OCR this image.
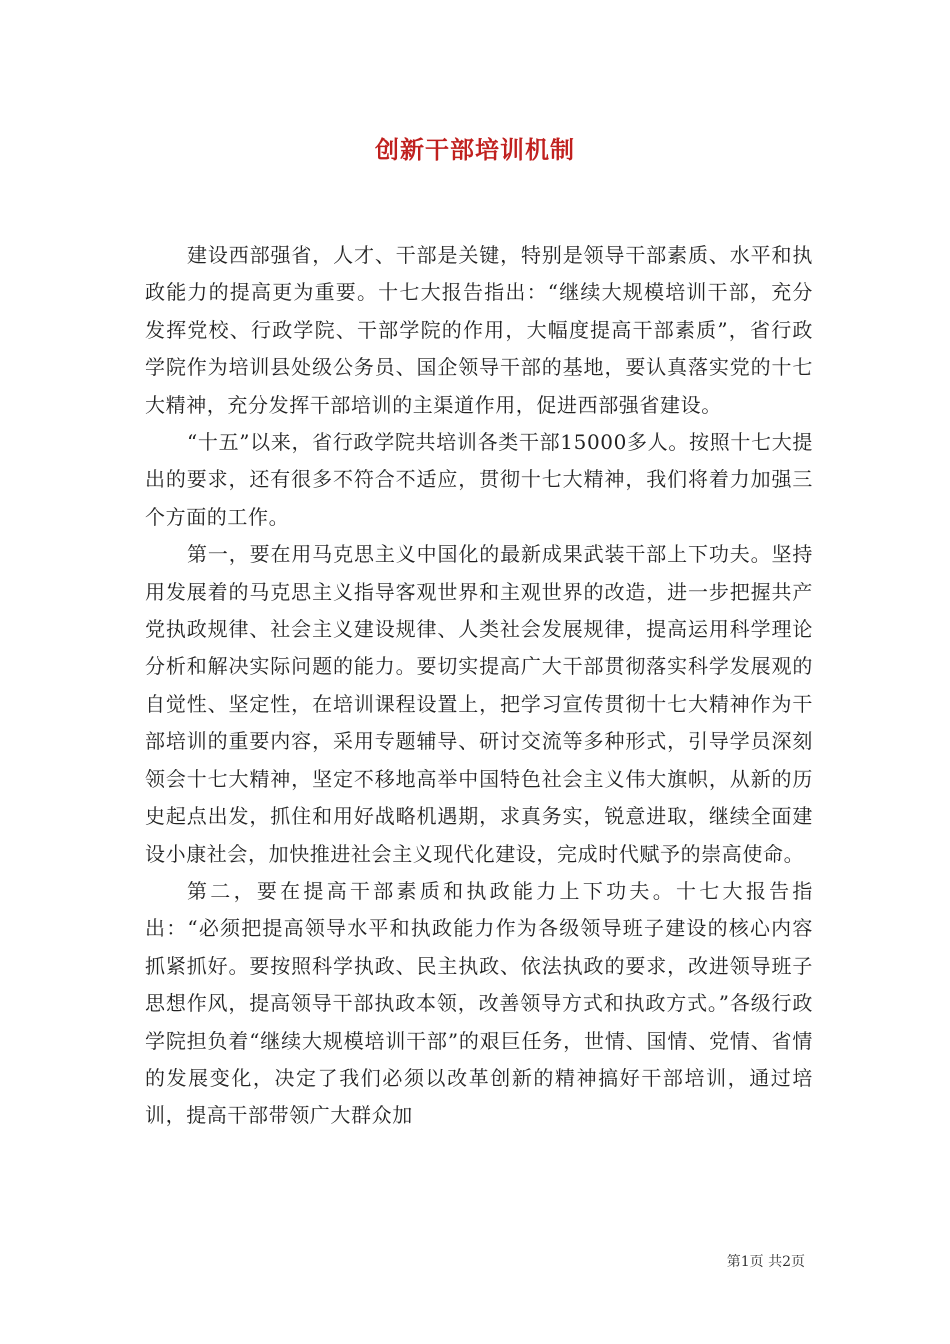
创新干部培训机制

建设西部强省，人才、干部是关键，特别是领导干部素质、水平和执政能力的提高更为重要。十七大报告指出：“继续大规模培训干部，充分发挥党校、行政学院、干部学院的作用，大幅度提高干部素质”，省行政学院作为培训县处级公务员、国企领导干部的基地，要认真落实党的十七大精神，充分发挥干部培训的主渠道作用，促进西部强省建设。

“十五”以来，省行政学院共培训各类干部15000多人。按照十七大提出的要求，还有很多不符合不适应，贯彻十七大精神，我们将着力加强三个方面的工作。

第一，要在用马克思主义中国化的最新成果武装干部上下功夫。坚持用发展着的马克思主义指导客观世界和主观世界的改造，进一步把握共产党执政规律、社会主义建设规律、人类社会发展规律，提高运用科学理论分析和解决实际问题的能力。要切实提高广大干部贯彻落实科学发展观的自觉性、坚定性，在培训课程设置上，把学习宣传贯彻十七大精神作为干部培训的重要内容，采用专题辅导、研讨交流等多种形式，引导学员深刻领会十七大精神，坚定不移地高举中国特色社会主义伟大旗帜，从新的历史起点出发，抓住和用好战略机遇期，求真务实，锐意进取，继续全面建设小康社会，加快推进社会主义现代化建设，完成时代赋予的崇高使命。

第二，要在提高干部素质和执政能力上下功夫。十七大报告指出：“必须把提高领导水平和执政能力作为各级领导班子建设的核心内容抓紧抓好。要按照科学执政、民主执政、依法执政的要求，改进领导班子思想作风，提高领导干部执政本领，改善领导方式和执政方式。”各级行政学院担负着“继续大规模培训干部”的艰巨任务，世情、国情、党情、省情的发展变化，决定了我们必须以改革创新的精神搞好干部培训，通过培训，提高干部带领广大群众加

第1页 共2页
